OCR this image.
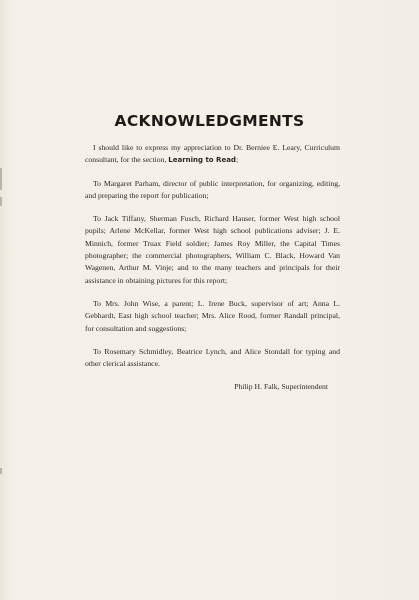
ACKNOWLEDGMENTS

I should like to express my appreciation to Dr. Berniee E. Leary, Curriculum consultant, for the section, Learning to Read;

To Margaret Parham, director of public interpretation, for organizing, editing, and preparing the report for publication;

To Jack Tiffany, Sherman Fusch, Richard Hauser, former West high school pupils; Arlene McKellar, former West high school publications adviser; J. E. Minnich, former Truax Field soldier; James Roy Miller, the Capital Times photographer; the commercial photographers, William C. Black, Howard Van Wagenen, Arthur M. Vinje; and to the many teachers and principals for their assistance in obtaining pictures for this report;

To Mrs. John Wise, a parent; L. Irene Buck, supervisor of art; Anna L. Gebhardt, East high school teacher; Mrs. Alice Rood, former Randall principal, for consultation and suggestions;

To Rosemary Schmidley, Beatrice Lynch, and Alice Stondall for typing and other clerical assistance.

Philip H. Falk, Superintendent
